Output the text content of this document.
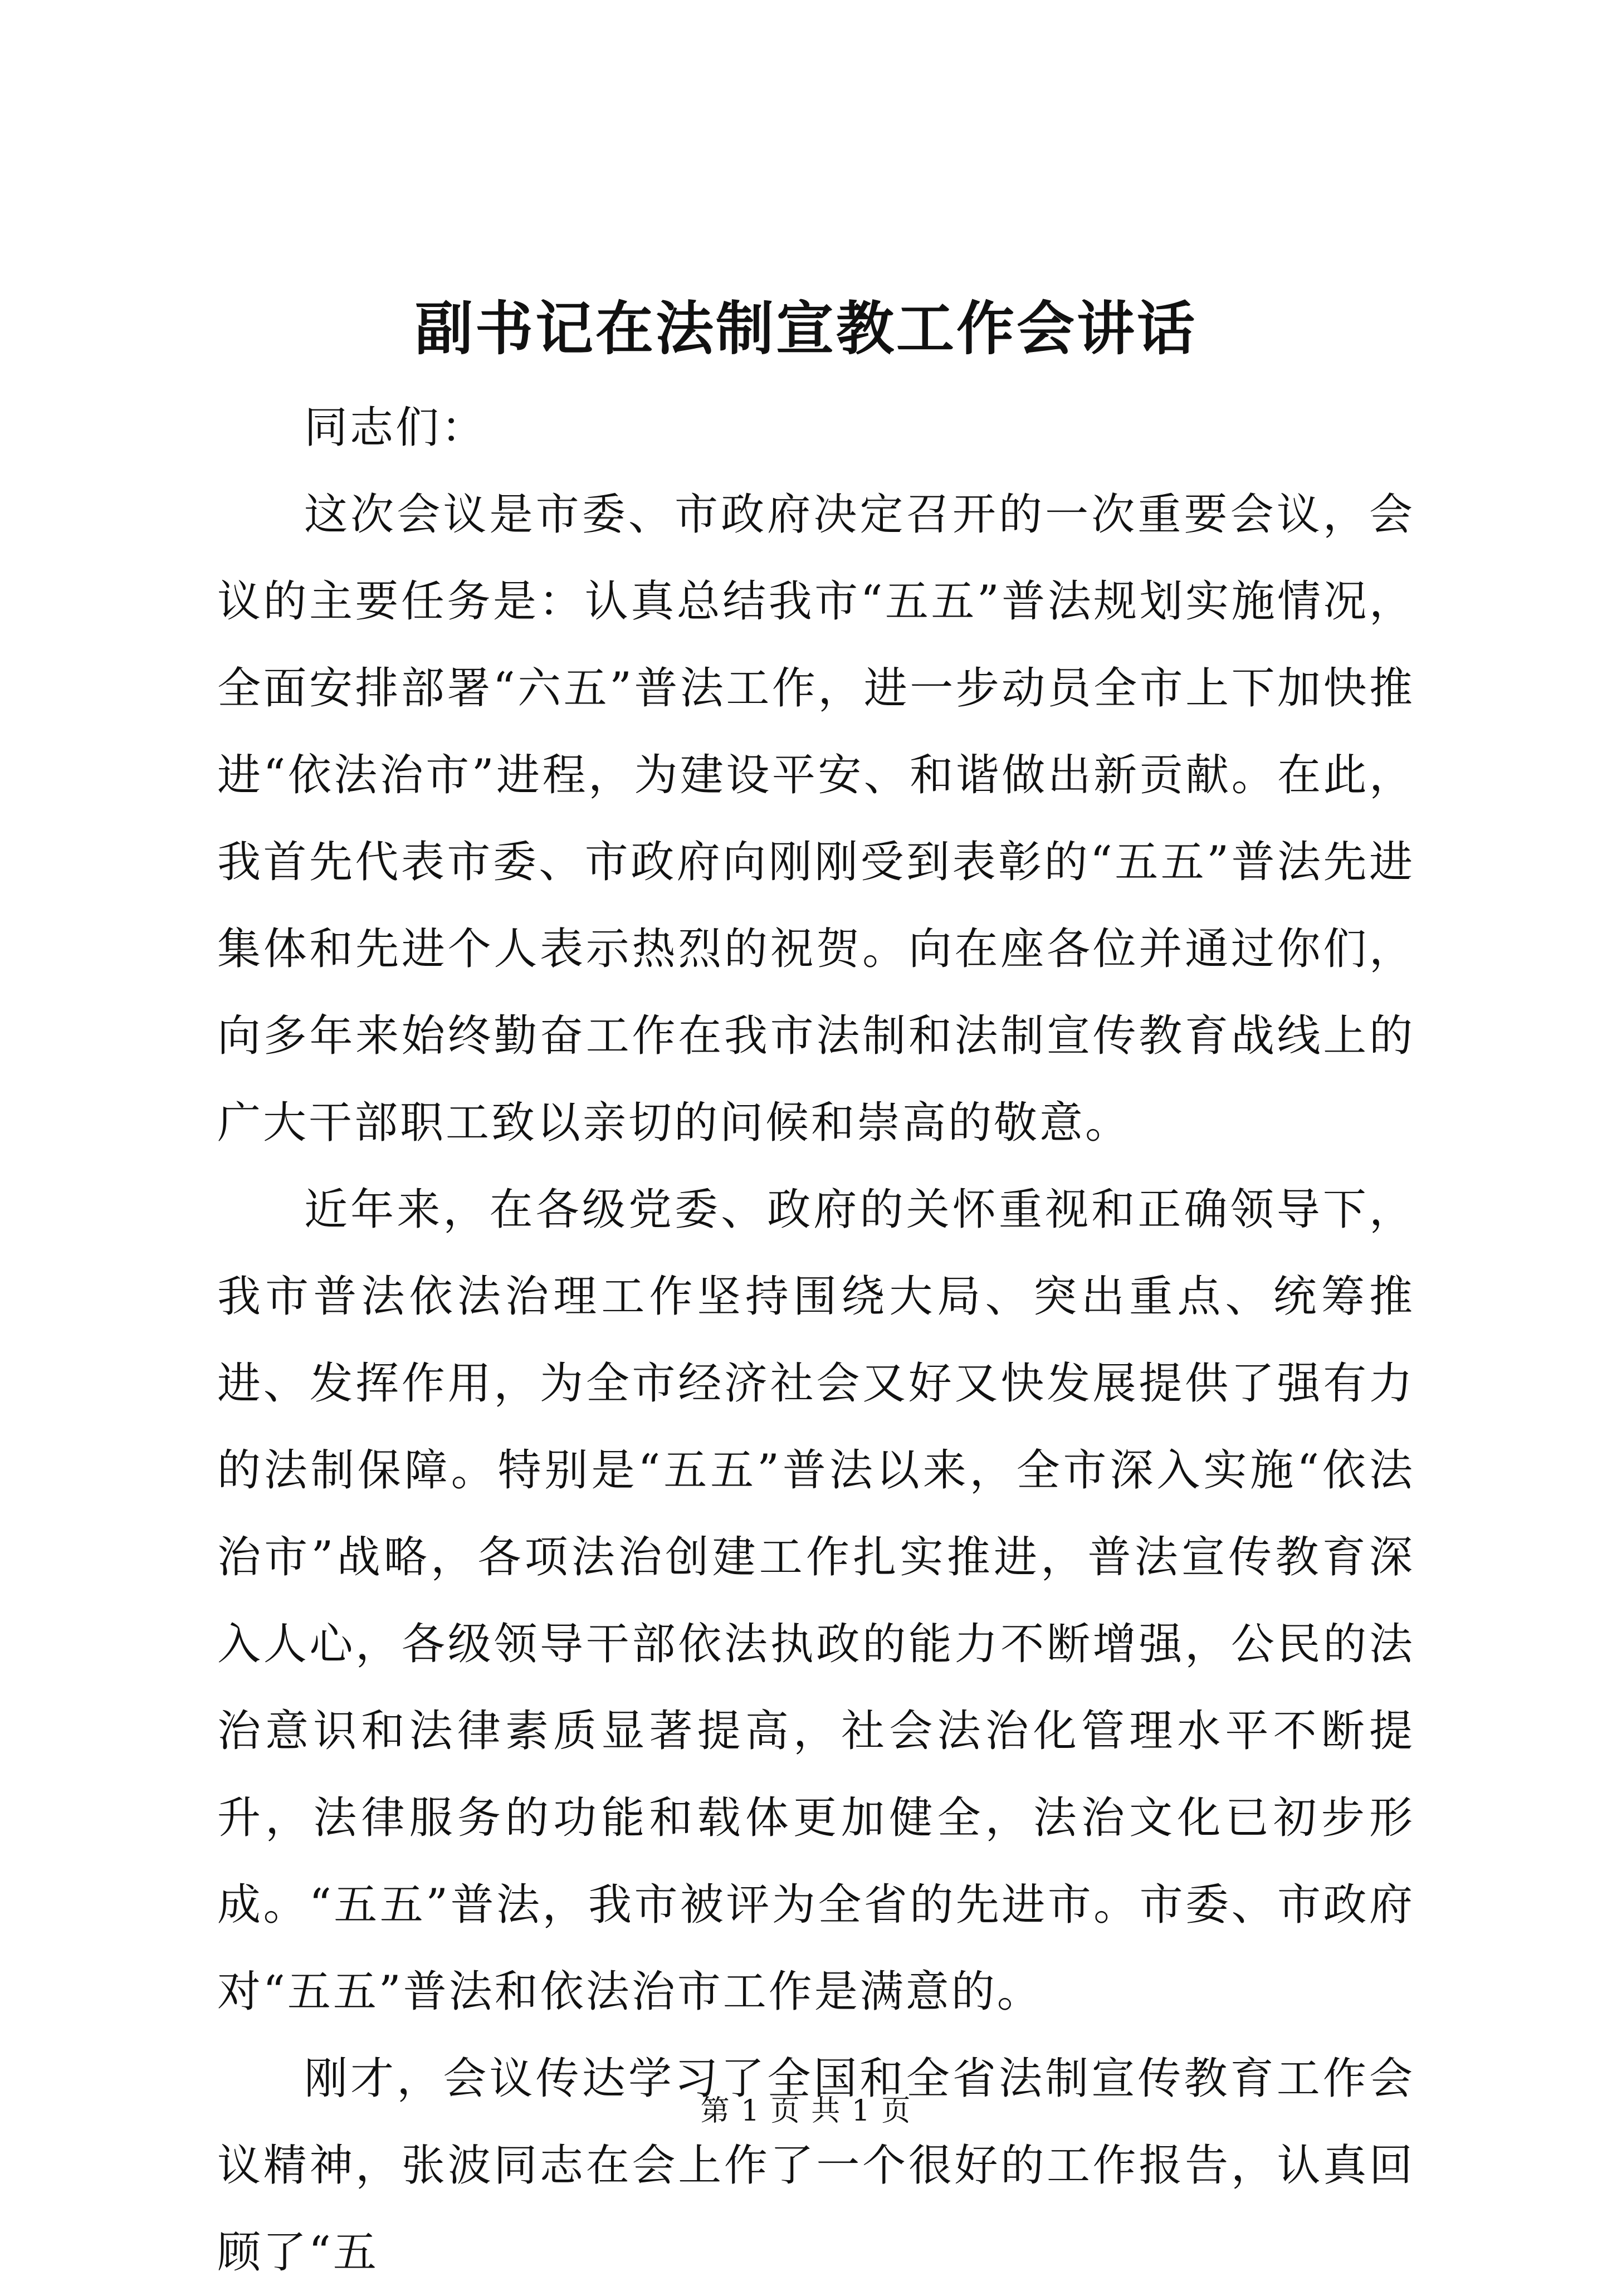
副书记在法制宣教工作会讲话

同志们：

这次会议是市委、市政府决定召开的一次重要会议，会议的主要任务是：认真总结我市“五五”普法规划实施情况，全面安排部署“六五”普法工作，进一步动员全市上下加快推进“依法治市”进程，为建设平安、和谐做出新贡献。在此，我首先代表市委、市政府向刚刚受到表彰的“五五”普法先进集体和先进个人表示热烈的祝贺。向在座各位并通过你们，向多年来始终勤奋工作在我市法制和法制宣传教育战线上的广大干部职工致以亲切的问候和崇高的敬意。

近年来，在各级党委、政府的关怀重视和正确领导下，我市普法依法治理工作坚持围绕大局、突出重点、统筹推进、发挥作用，为全市经济社会又好又快发展提供了强有力的法制保障。特别是“五五”普法以来，全市深入实施“依法治市”战略，各项法治创建工作扎实推进，普法宣传教育深入人心，各级领导干部依法执政的能力不断增强，公民的法治意识和法律素质显著提高，社会法治化管理水平不断提升，法律服务的功能和载体更加健全，法治文化已初步形成。“五五”普法，我市被评为全省的先进市。市委、市政府对“五五”普法和依法治市工作是满意的。

刚才，会议传达学习了全国和全省法制宣传教育工作会议精神，张波同志在会上作了一个很好的工作报告，认真回顾了“五

第 1 页 共 1 页
